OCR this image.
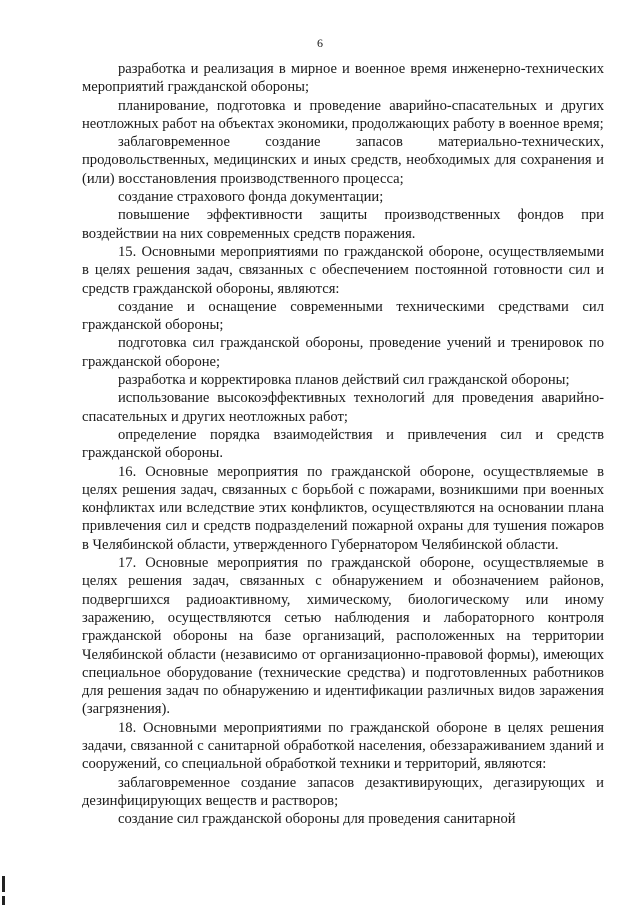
6

разработка и реализация в мирное и военное время инженерно-технических мероприятий гражданской обороны;

планирование, подготовка и проведение аварийно-спасательных и других неотложных работ на объектах экономики, продолжающих работу в военное время;

заблаговременное создание запасов материально-технических, продовольственных, медицинских и иных средств, необходимых для сохранения и (или) восстановления производственного процесса;

создание страхового фонда документации;

повышение эффективности защиты производственных фондов при воздействии на них современных средств поражения.

15. Основными мероприятиями по гражданской обороне, осуществляемыми в целях решения задач, связанных с обеспечением постоянной готовности сил и средств гражданской обороны, являются:

создание и оснащение современными техническими средствами сил гражданской обороны;

подготовка сил гражданской обороны, проведение учений и тренировок по гражданской обороне;

разработка и корректировка планов действий сил гражданской обороны;

использование высокоэффективных технологий для проведения аварийно-спасательных и других неотложных работ;

определение порядка взаимодействия и привлечения сил и средств гражданской обороны.

16. Основные мероприятия по гражданской обороне, осуществляемые в целях решения задач, связанных с борьбой с пожарами, возникшими при военных конфликтах или вследствие этих конфликтов, осуществляются на основании плана привлечения сил и средств подразделений пожарной охраны для тушения пожаров в Челябинской области, утвержденного Губернатором Челябинской области.

17. Основные мероприятия по гражданской обороне, осуществляемые в целях решения задач, связанных с обнаружением и обозначением районов, подвергшихся радиоактивному, химическому, биологическому или иному заражению, осуществляются сетью наблюдения и лабораторного контроля гражданской обороны на базе организаций, расположенных на территории Челябинской области (независимо от организационно-правовой формы), имеющих специальное оборудование (технические средства) и подготовленных работников для решения задач по обнаружению и идентификации различных видов заражения (загрязнения).

18. Основными мероприятиями по гражданской обороне в целях решения задачи, связанной с санитарной обработкой населения, обеззараживанием зданий и сооружений, со специальной обработкой техники и территорий, являются:

заблаговременное создание запасов дезактивирующих, дегазирующих и дезинфицирующих веществ и растворов;

создание сил гражданской обороны для проведения санитарной
